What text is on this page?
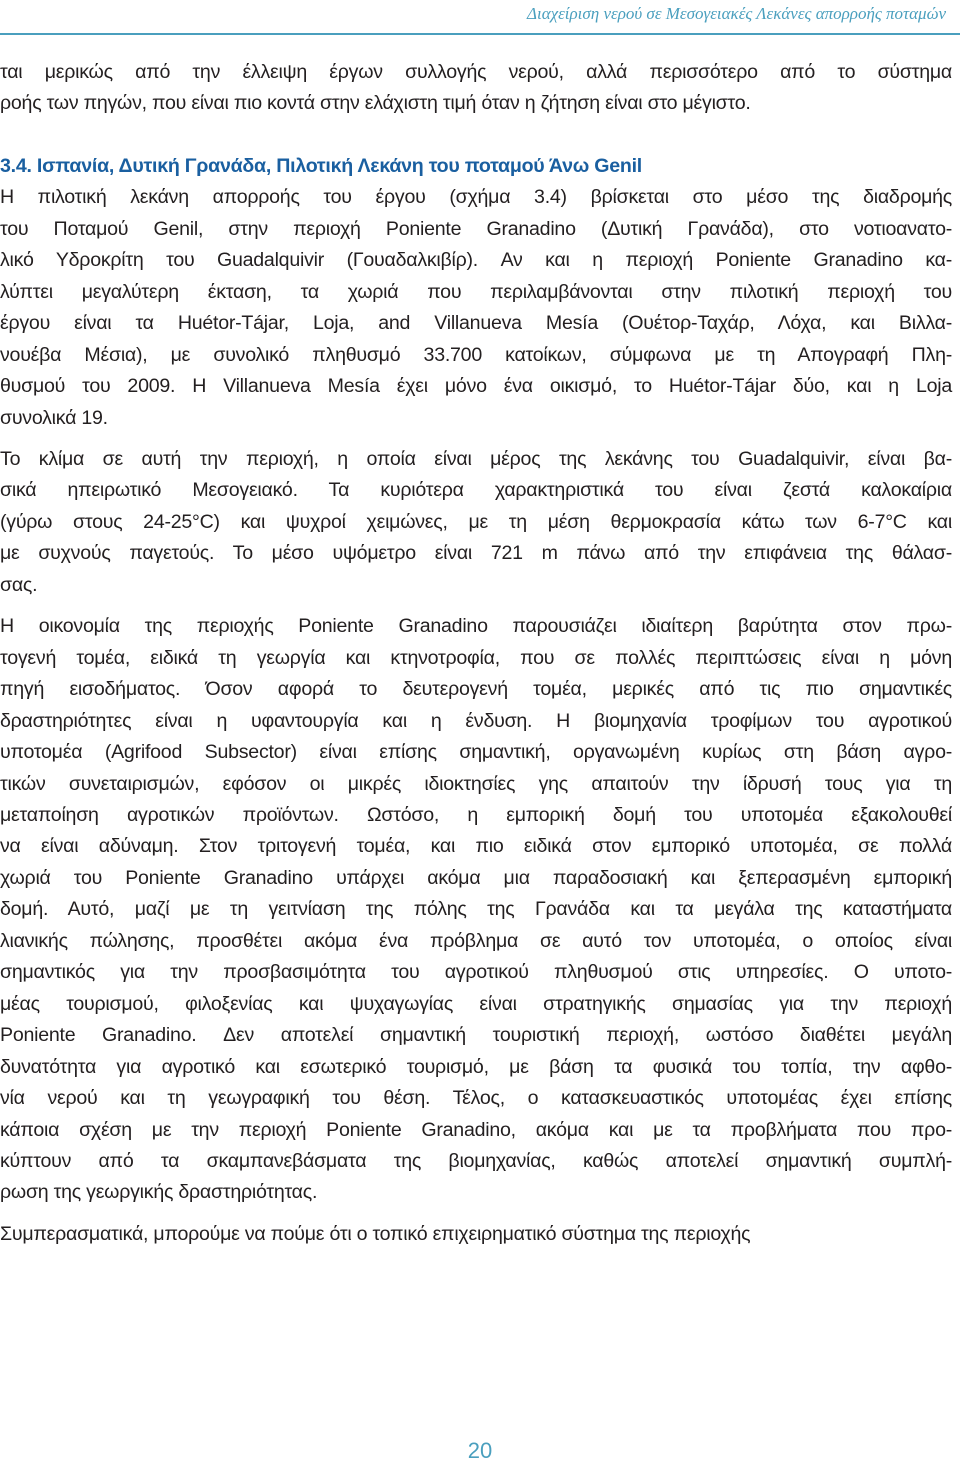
Διαχείριση νερού σε Μεσογειακές Λεκάνες απορροής ποταμών

ται μερικώς από την έλλειψη έργων συλλογής νερού, αλλά περισσότερο από το σύστημα
ροής των πηγών, που είναι πιο κοντά στην ελάχιστη τιμή όταν η ζήτηση είναι στο μέγιστο.

3.4. Ισπανία, Δυτική Γρανάδα, Πιλοτική Λεκάνη του ποταμού Άνω Genil

Η πιλοτική λεκάνη απορροής του έργου (σχήμα 3.4) βρίσκεται στο μέσο της διαδρομής
του Ποταμού Genil, στην περιοχή Poniente Granadino (Δυτική Γρανάδα), στο νοτιοανατο-
λικό Υδροκρίτη του Guadalquivir (Γουαδαλκιβίρ). Αν και η περιοχή Poniente Granadino κα-
λύπτει μεγαλύτερη έκταση, τα χωριά που περιλαμβάνονται στην πιλοτική περιοχή του
έργου είναι τα Huétor-Tájar, Loja, and Villanueva Mesía (Ουέτορ-Ταχάρ, Λόχα, και Βιλλα-
νουέβα Μέσια), με συνολικό πληθυσμό 33.700 κατοίκων, σύμφωνα με τη Απογραφή Πλη-
θυσμού του 2009. Η Villanueva Mesía έχει μόνο ένα οικισμό, το Huétor-Tájar δύο, και η Loja
συνολικά 19.

Το κλίμα σε αυτή την περιοχή, η οποία είναι μέρος της λεκάνης του Guadalquivir, είναι βα-
σικά ηπειρωτικό Μεσογειακό. Τα κυριότερα χαρακτηριστικά του είναι ζεστά καλοκαίρια
(γύρω στους 24-25°C) και ψυχροί χειμώνες, με τη μέση θερμοκρασία κάτω των 6-7°C και
με συχνούς παγετούς. Το μέσο υψόμετρο είναι 721 m πάνω από την επιφάνεια της θάλασ-
σας.

Η οικονομία της περιοχής Poniente Granadino παρουσιάζει ιδιαίτερη βαρύτητα στον πρω-
τογενή τομέα, ειδικά τη γεωργία και κτηνοτροφία, που σε πολλές περιπτώσεις είναι η μόνη
πηγή εισοδήματος. Όσον αφορά το δευτερογενή τομέα, μερικές από τις πιο σημαντικές
δραστηριότητες είναι η υφαντουργία και η ένδυση. Η βιομηχανία τροφίμων του αγροτικού
υποτομέα (Agrifood Subsector) είναι επίσης σημαντική, οργανωμένη κυρίως στη βάση αγρο-
τικών συνεταιρισμών, εφόσον οι μικρές ιδιοκτησίες γης απαιτούν την ίδρυσή τους για τη
μεταποίηση αγροτικών προϊόντων. Ωστόσο, η εμπορική δομή του υποτομέα εξακολουθεί
να είναι αδύναμη. Στον τριτογενή τομέα, και πιο ειδικά στον εμπορικό υποτομέα, σε πολλά
χωριά του Poniente Granadino υπάρχει ακόμα μια παραδοσιακή και ξεπερασμένη εμπορική
δομή. Αυτό, μαζί με τη γειτνίαση της πόλης της Γρανάδα και τα μεγάλα της καταστήματα
λιανικής πώλησης, προσθέτει ακόμα ένα πρόβλημα σε αυτό τον υποτομέα, ο οποίος είναι
σημαντικός για την προσβασιμότητα του αγροτικού πληθυσμού στις υπηρεσίες. Ο υποτο-
μέας τουρισμού, φιλοξενίας και ψυχαγωγίας είναι στρατηγικής σημασίας για την περιοχή
Poniente Granadino. Δεν αποτελεί σημαντική τουριστική περιοχή, ωστόσο διαθέτει μεγάλη
δυνατότητα για αγροτικό και εσωτερικό τουρισμό, με βάση τα φυσικά του τοπία, την αφθο-
νία νερού και τη γεωγραφική του θέση. Τέλος, ο κατασκευαστικός υποτομέας έχει επίσης
κάποια σχέση με την περιοχή Poniente Granadino, ακόμα και με τα προβλήματα που προ-
κύπτουν από τα σκαμπανεβάσματα της βιομηχανίας, καθώς αποτελεί σημαντική συμπλή-
ρωση της γεωργικής δραστηριότητας.

Συμπερασματικά, μπορούμε να πούμε ότι ο τοπικό επιχειρηματικό σύστημα της περιοχής

20
